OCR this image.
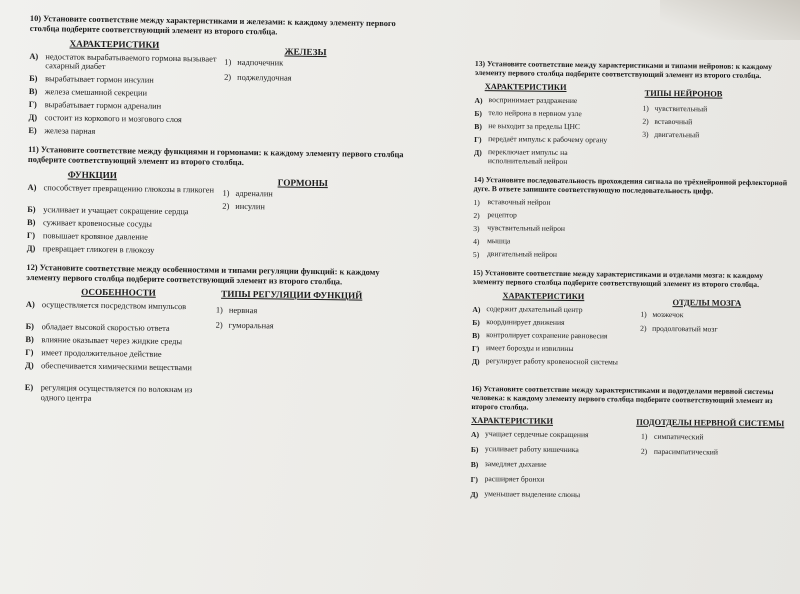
10) Установите соответствие между характеристиками и железами: к каждому элементу первого столбца подберите соответствующий элемент из второго столбца.
ХАРАКТЕРИСТИКИ
ЖЕЛЕЗЫ
А) недостаток вырабатываемого гормона вызывает сахарный диабет	1) надпочечник
Б) вырабатывает гормон инсулин	2) поджелудочная
В) железа смешанной секреции
Г) вырабатывает гормон адреналин
Д) состоит из коркового и мозгового слоя
Е) железа парная
11) Установите соответствие между функциями и гормонами: к каждому элементу первого столбца подберите соответствующий элемент из второго столбца.
ФУНКЦИИ
ГОРМОНЫ
А) способствует превращению глюкозы в гликоген 1) адреналин
Б) усиливает и учащает сокращение сердца	2) инсулин
В) суживает кровеносные сосуды
Г) повышает кровяное давление
Д) превращает гликоген в глюкозу
12) Установите соответствие между особенностями и типами регуляции функций: к каждому элементу первого столбца подберите соответствующий элемент из второго столбца.
ОСОБЕННОСТИ	ТИПЫ РЕГУЛЯЦИИ ФУНКЦИЙ
А) осуществляется посредством импульсов	1) нервная
Б) обладает высокой скоростью ответа	2) гуморальная
В) влияние оказывает через жидкие среды
Г) имеет продолжительное действие
Д) обеспечивается химическими веществами
Е) регуляция осуществляется по волокнам из одного центра
13) Установите соответствие между характеристиками и типами нейронов: к каждому элементу первого столбца подберите соответствующий элемент из второго столбца.
ХАРАКТЕРИСТИКИ
ТИПЫ НЕЙРОНОВ
А) воспринимает раздражение
1) чувствительный
Б) тело нейрона в нервном узле
2) вставочный
В) не выходит за пределы ЦНС
3) двигательный
Г) передаёт импульс к рабочему органу
Д) переключает импульс на исполнительный нейрон
14) Установите последовательность прохождения сигнала по трёхнейронной рефлекторной дуге. В ответе запишите соответствующую последовательность цифр.
1) вставочный нейрон
2) рецептор
3) чувствительный нейрон
4) мышца
5) двигательный нейрон
15) Установите соответствие между характеристиками и отделами мозга: к каждому элементу первого столбца подберите соответствующий элемент из второго столбца.
ХАРАКТЕРИСТИКИ
ОТДЕЛЫ МОЗГА
А) содержит дыхательный центр
1) мозжечок
Б) координирует движения
2) продолговатый мозг
В) контролирует сохранение равновесия
Г) имеет борозды и извилины
Д) регулирует работу кровеносной системы
16) Установите соответствие между характеристиками и подотделами нервной системы человека: к каждому элементу первого столбца подберите соответствующий элемент из второго столбца.
ХАРАКТЕРИСТИКИ	ПОДОТДЕЛЫ НЕРВНОЙ СИСТЕМЫ
А) учащает сердечные сокращения	1) симпатический
Б) усиливает работу кишечника	2) парасимпатический
В) замедляет дыхание
Г) расширяет бронхи
Д) уменьшает выделение слюны
